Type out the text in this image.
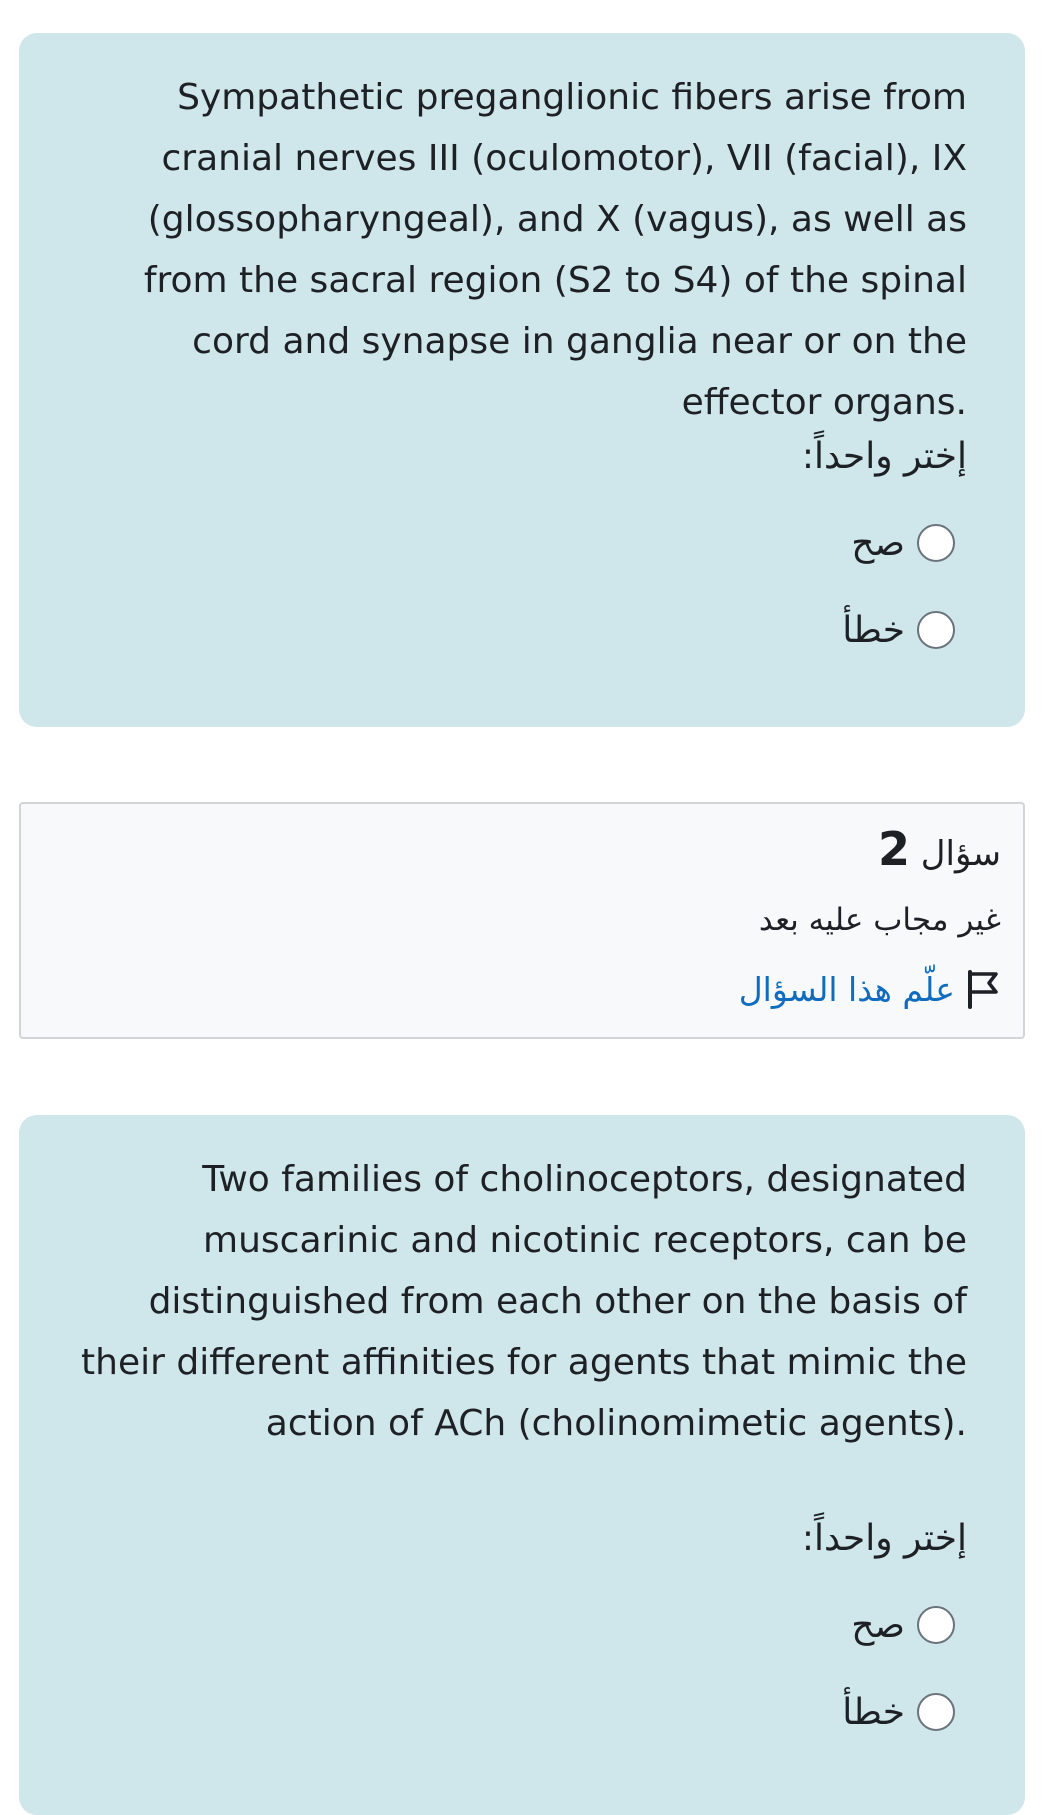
Sympathetic preganglionic fibers arise from cranial nerves III (oculomotor), VII (facial), IX (glossopharyngeal), and X (vagus), as well as from the sacral region (S2 to S4) of the spinal cord and synapse in ganglia near or on the effector organs.
إختر واحداً:
صح
خطأ
سؤال 2
غير مجاب عليه بعد
علّم هذا السؤال
Two families of cholinoceptors, designated muscarinic and nicotinic receptors, can be distinguished from each other on the basis of their different affinities for agents that mimic the action of ACh (cholinomimetic agents).
إختر واحداً:
صح
خطأ
